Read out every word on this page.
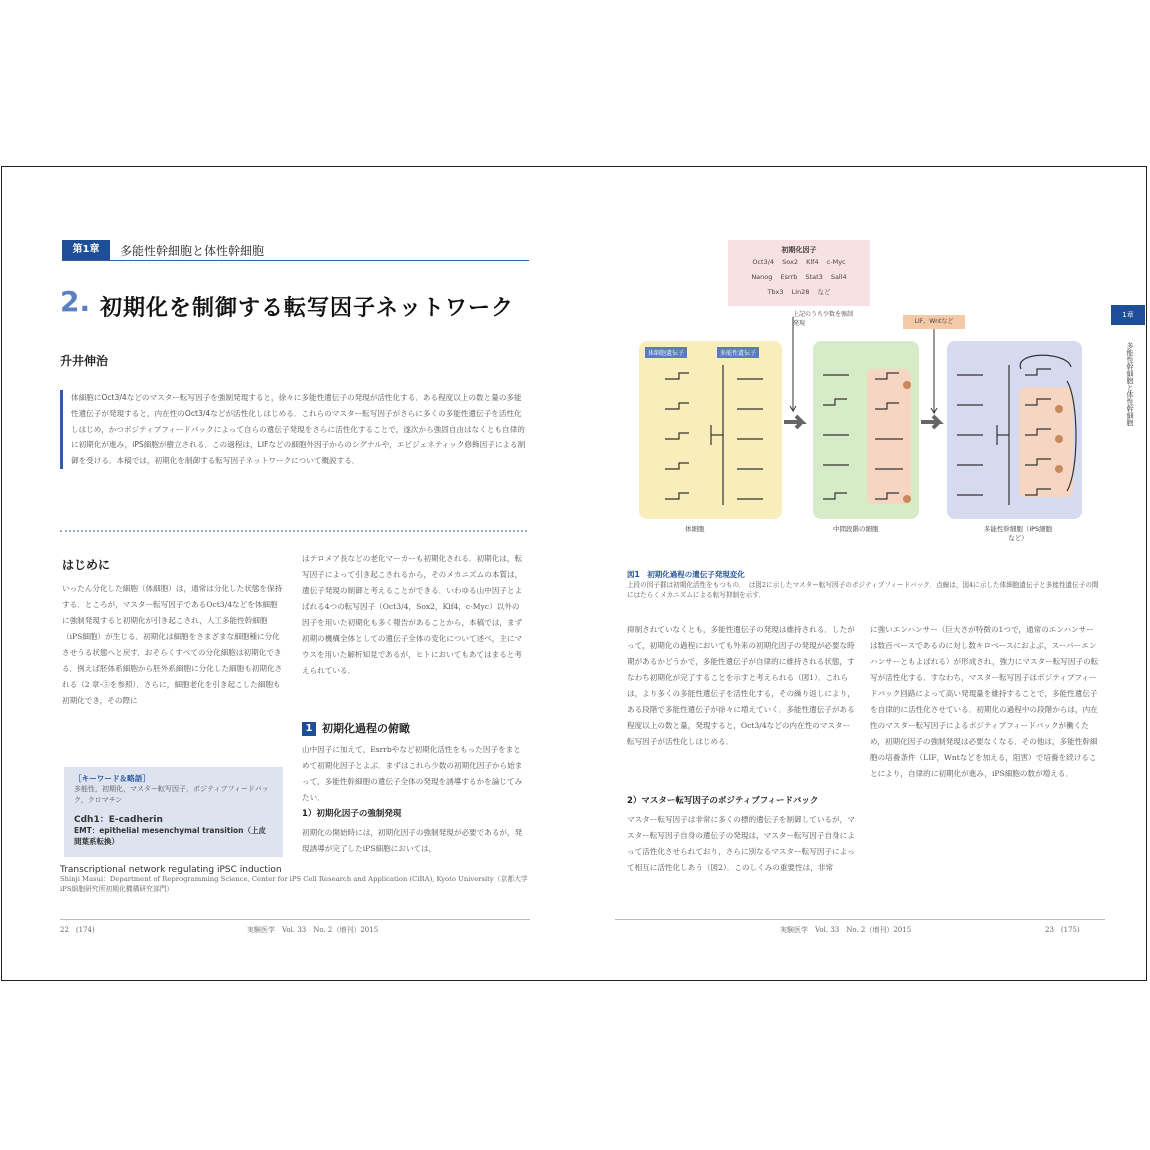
第1章	多能性幹細胞と体性幹細胞
2. 初期化を制御する転写因子ネットワーク
升井伸治
体細胞にOct3/4などのマスター転写因子を強制発現すると，徐々に多能性遺伝子の発現が活性化する．ある程度以上の数と量の多能性遺伝子が発現すると，内在性のOct3/4などが活性化しはじめる．これらのマスター転写因子がさらに多くの多能性遺伝子を活性化しはじめ，かつポジティブフィードバックによって自らの遺伝子発現をさらに活性化することで，遂次から強固自由はなくとも自律的に初期化が進み，iPS細胞が樹立される．この過程は，LIFなどの細胞外因子からのシグナルや，エピジェネティック修飾因子による制御を受ける．本稿では，初期化を制御する転写因子ネットワークについて概説する．
はじめに
いったん分化した細胞（体細胞）は，通常は分化した状態を保持する．ところが，マスター転写因子であるOct3/4などを体細胞に強制発現すると初期化が引き起こされ，人工多能性幹細胞（iPS細胞）が生じる．初期化は細胞をさまざまな細胞種に分化させうる状態へと戻す．おそらくすべての分化細胞は初期化できる．例えば胚体系細胞から胚外系細胞に分化した細胞も初期化される（2 章-③を参照）．さらに，細胞老化を引き起こした細胞も初期化でき，その際に
はテロメア長などの老化マーカーも初期化される．初期化は，転写因子によって引き起こされるから，そのメカニズムの本質は，遺伝子発現の制御と考えることができる．いわゆる山中因子とよばれる4つの転写因子（Oct3/4，Sox2，Klf4，c-Myc）以外の因子を用いた初期化も多く報告があることから，本稿では，まず初期の機構全体としての遺伝子全体の変化について述べ，主にマウスを用いた解析知見であるが，ヒトにおいてもあてはまると考えられている．
1 初期化過程の俯瞰
山中因子に加えて，Esrrbやなど初期化活性をもった因子をまとめて初期化因子とよぶ．まずはこれら少数の初期化因子から始まって，多能性幹細胞の遺伝子全体の発現を誘導するかを論じてみたい．
1）初期化因子の強制発現
初期化の開始時には，初期化因子の強制発現が必要であるが，発現誘導が完了したiPS細胞においては，
［キーワード＆略語］
多能性，初期化，マスター転写因子，ポジティブフィードバック，クロマチン
Cdh1：E-cadherin
EMT：epithelial mesenchymal transition（上皮間葉系転換）
Transcriptional network regulating iPSC induction
Shinji Masui：Department of Reprogramming Science, Center for iPS Cell Research and Application (CiRA), Kyoto University（京都大学iPS細胞研究所初期化機構研究部門）
22　(174)	実験医学　Vol. 33　No. 2（増刊）2015
初期化因子
Oct3/4 Sox2 Klf4 c-Myc
Nanog Esrrb Stat3 Sall4
Tbx3 Lin28 など
上記のうち少数を強制発現	LIF，Wntなど
体細胞遺伝子	多能性遺伝子
体細胞	中間段階の細胞	多能性幹細胞（iPS細胞など）
1章
多能性幹細胞と体性幹細胞
図1　 初期化過程の遺伝子発現変化
上段の因子群は初期化活性をもつもの．　は図2に示したマスター転写因子のポジティブフィードバック．点線は，図4に示した体細胞遺伝子と多能性遺伝子の間にはたらくメカニズムによる転写抑制を示す．
抑制されていなくとも，多能性遺伝子の発現は維持される．したがって，初期化の過程においても外来の初期化因子の発現が必要な時期があるかどうかで，多能性遺伝子が自律的に維持される状態，すなわち初期化が完了することを示すと考えられる（図1）．これらは，より多くの多能性遺伝子を活性化する，その繰り返しにより，ある段階で多能性遺伝子が徐々に増えていく．多能性遺伝子がある程度以上の数と量，発現すると，Oct3/4などの内在性のマスター転写因子が活性化しはじめる．
2）マスター転写因子のポジティブフィードバック
マスター転写因子は非常に多くの標的遺伝子を制御しているが，マスター転写因子自身の遺伝子の発現は，マスター転写因子自身によって活性化させられており，さらに別なるマスター転写因子によって相互に活性化しあう（図2）．このしくみの重要性は，非常
に強いエンハンサー（巨大さが特徴の1つで，通常のエンハンサーは数百ベースであるのに対し数キロベースにおよぶ，スーパーエンハンサーともよばれる）が形成され，強力にマスター転写因子の転写が活性化する．すなわち，マスター転写因子はポジティブフィードバック回路によって高い発現量を維持することで，多能性遺伝子を自律的に活性化させている．初期化の過程中の段階からは，内在性のマスター転写因子によるポジティブフィードバックが働くため，初期化因子の強制発現は必要なくなる．その他は，多能性幹細胞の培養条件（LIF，Wntなどを加える，阻害）で培養を続けることにより，自律的に初期化が進み，iPS細胞の数が増える．
実験医学　Vol. 33　No. 2（増刊）2015	23　(175)
